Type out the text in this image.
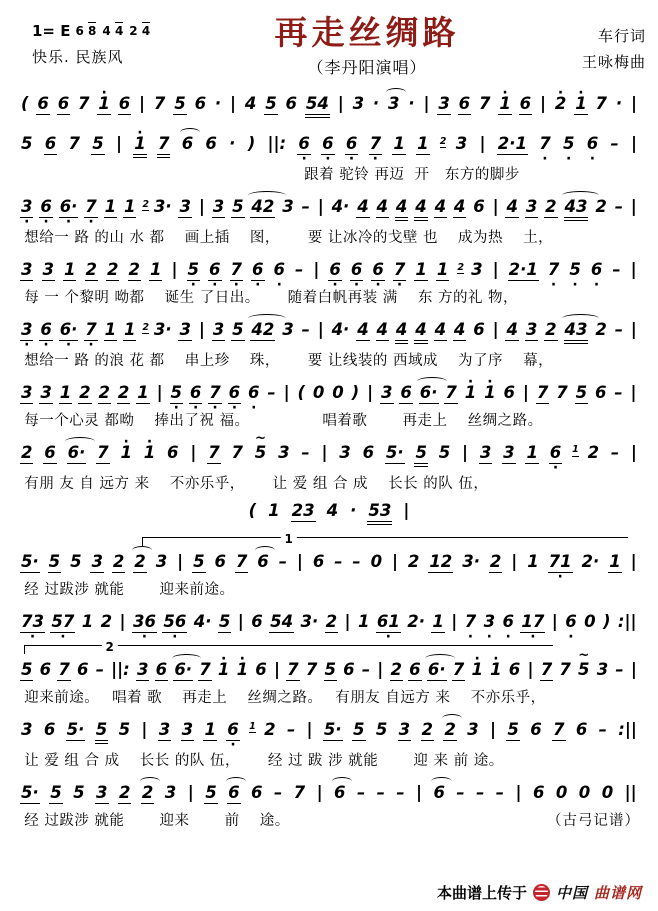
1= E 6 8 4 4 2 4
快乐. 民族风
再走丝绸路
（李丹阳演唱）
车行词
王咏梅曲
( 6 6 7 · 1 6 | 7 5 6 · | 4 5 6 54 | 3 · 3 · | 3 6 7 · 1 6 | · 2 · 1 7 · |
5 6 7 5 | · 1 7 6 6 · ) ||: 6 · 6 · 6 · 7 · 1 1 2 3 | 2·1 7 · 5 · 6 · – |
跟着 驼铃 再迈  开   东方的脚步
3 · 6 · 6· · 7 · 1 1 2 3· 3 | 3 5 42 3 – | 4· 4 4 4 4 4 4 6 | 4 3 2 43 2 – |
想给一 路 的山 水 都　 画上插　 图，　　 要 让冰冷的戈壁 也　 成为热　 土，
3 3 1 2 2 2 1 | 5 · 6 · 7 · 6 · 6 · – | 6 · 6 · 6 · 7 · 1 1 2 3 | 2·1 7 · 5 · 6 · – |
每 一 个黎明 呦都　 诞生 了日出。　　 随着白帆再装 满　 东 方的礼 物，
3 · 6 · 6· · 7 · 1 1 2 3· 3 | 3 5 42 3 – | 4· 4 4 4 4 4 4 6 | 4 3 2 43 2 – |
想给一 路 的浪 花 都　 串上珍　 珠，　　 要 让线装的 西域成　 为了序　 幕，
3 3 1 2 2 2 1 | 5 · 6 · 7 · 6 · 6 · – | ( 0 0 ) | 3 6 6· 7 · 1 · 1 6 | 7 7 5 6 – |
每一个心灵 都呦　 捧出了祝 福。　　　　　 唱着歌　　 再走上　 丝绸之路。
2 6 6· 7 · 1 · 1 6 | 7 7 ~ 5 3 – | 3 6 5· 5 5 | 3 3 1 6 · 1 2 – |
有朋 友 自 远方 来　 不亦乐乎，　　 让 爱 组 合 成　 长长 的队 伍，
( 1 23 4 · 53 |
1
5· 5 5 3 2 2 3 | 5 6 7 6 – | 6 – – 0 | 2 12 3· 2 | 1 71 · 2· 1 |
经 过跋涉 就能　　 迎来前途。
73 · 57 · 1 2 | 36 · 56 · 4· 5 | 6 54 3· 2 | 1 61 · 2· 1 | 7 · 3 · 6 · 17 · | 6 · 0 ) :||
2
5 6 7 6 – ||: 3 6 6· 7 · 1 · 1 6 | 7 7 5 6 – | 2 6 6· 7 · 1 · 1 6 | 7 7 ~ 5 3 – |
迎来前途。　 唱着 歌　 再走上　 丝绸之路。　 有朋友 自远方 来　 不亦乐乎，
3 6 5· 5 5 | 3 3 1 6 · 1 2 – | 5· 5 5 3 2 2 3 | 5 6 7 6 – :||
让 爱 组 合 成　 长长 的队 伍，　　 经 过 跋 涉 就能　　 迎 来 前 途。
5· 5 5 3 2 2 3 | 5 6 6 – 7 | 6 – – – | 6 – – – | 6 0 0 0 ||
经 过跋涉 就能　　 迎来　　 前　 途。	（古弓记谱）
本曲谱上传于 中国 曲谱网
